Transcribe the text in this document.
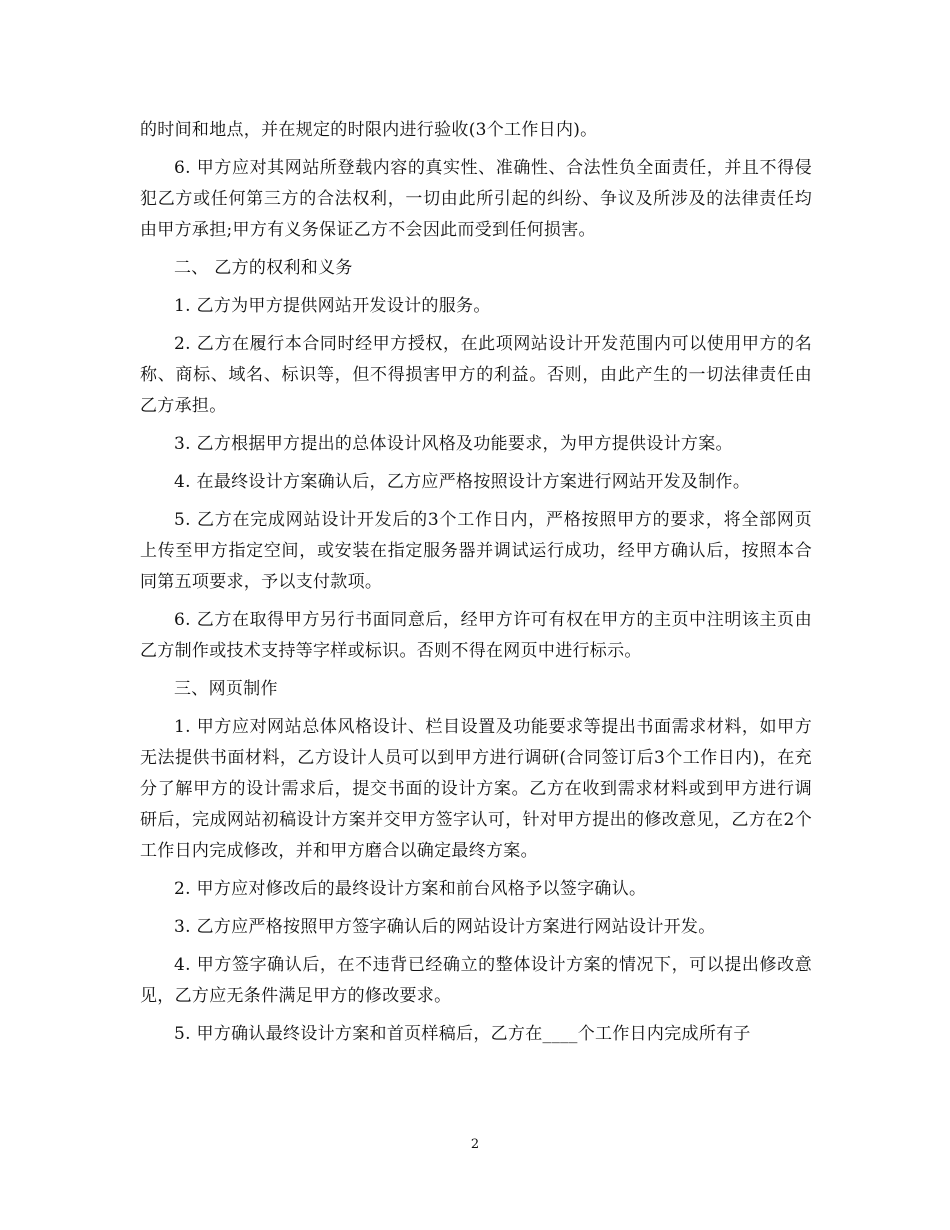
的时间和地点，并在规定的时限内进行验收(3个工作日内)。

6. 甲方应对其网站所登载内容的真实性、准确性、合法性负全面责任，并且不得侵犯乙方或任何第三方的合法权利，一切由此所引起的纠纷、争议及所涉及的法律责任均由甲方承担;甲方有义务保证乙方不会因此而受到任何损害。

二、 乙方的权利和义务

1. 乙方为甲方提供网站开发设计的服务。

2. 乙方在履行本合同时经甲方授权，在此项网站设计开发范围内可以使用甲方的名称、商标、域名、标识等，但不得损害甲方的利益。否则，由此产生的一切法律责任由乙方承担。

3. 乙方根据甲方提出的总体设计风格及功能要求，为甲方提供设计方案。

4. 在最终设计方案确认后，乙方应严格按照设计方案进行网站开发及制作。

5. 乙方在完成网站设计开发后的3个工作日内，严格按照甲方的要求，将全部网页上传至甲方指定空间，或安装在指定服务器并调试运行成功，经甲方确认后，按照本合同第五项要求，予以支付款项。

6. 乙方在取得甲方另行书面同意后，经甲方许可有权在甲方的主页中注明该主页由乙方制作或技术支持等字样或标识。否则不得在网页中进行标示。

三、网页制作

1. 甲方应对网站总体风格设计、栏目设置及功能要求等提出书面需求材料，如甲方无法提供书面材料，乙方设计人员可以到甲方进行调研(合同签订后3个工作日内)，在充分了解甲方的设计需求后，提交书面的设计方案。乙方在收到需求材料或到甲方进行调研后，完成网站初稿设计方案并交甲方签字认可，针对甲方提出的修改意见，乙方在2个工作日内完成修改，并和甲方磨合以确定最终方案。

2. 甲方应对修改后的最终设计方案和前台风格予以签字确认。

3. 乙方应严格按照甲方签字确认后的网站设计方案进行网站设计开发。

4. 甲方签字确认后，在不违背已经确立的整体设计方案的情况下，可以提出修改意见，乙方应无条件满足甲方的修改要求。

5. 甲方确认最终设计方案和首页样稿后，乙方在____个工作日内完成所有子

2
